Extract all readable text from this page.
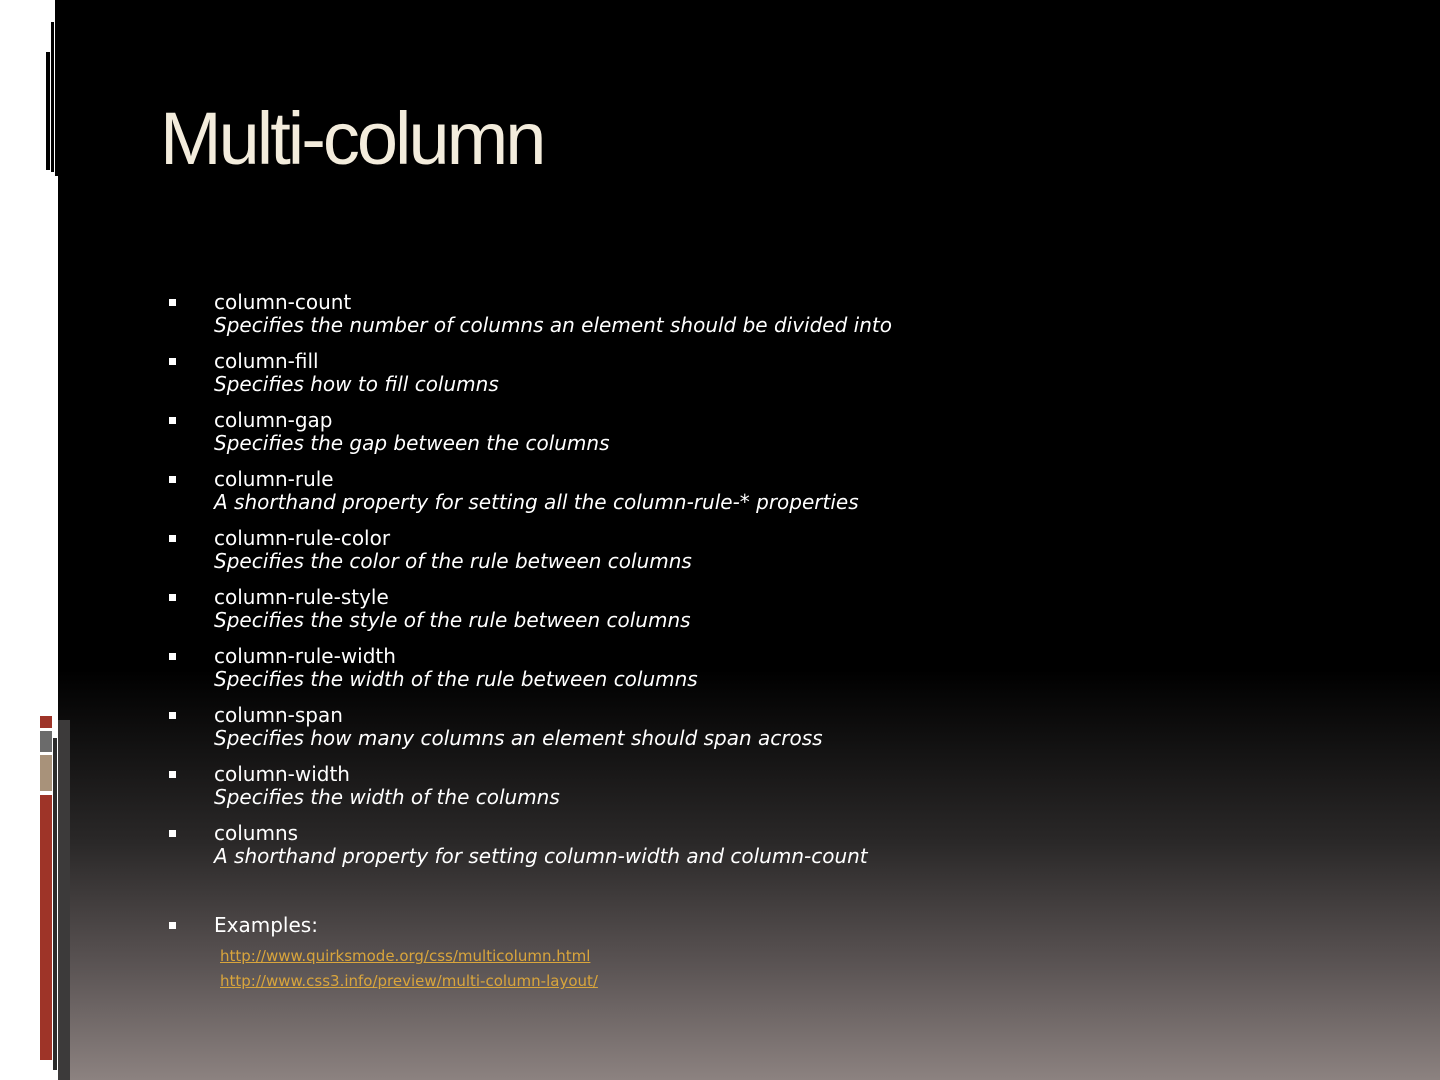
Multi-column
column-count
Specifies the number of columns an element should be divided into
column-fill
Specifies how to fill columns
column-gap
Specifies the gap between the columns
column-rule
A shorthand property for setting all the column-rule-* properties
column-rule-color
Specifies the color of the rule between columns
column-rule-style
Specifies the style of the rule between columns
column-rule-width
Specifies the width of the rule between columns
column-span
Specifies how many columns an element should span across
column-width
Specifies the width of the columns
columns
A shorthand property for setting column-width and column-count
Examples:
http://www.quirksmode.org/css/multicolumn.html
http://www.css3.info/preview/multi-column-layout/
